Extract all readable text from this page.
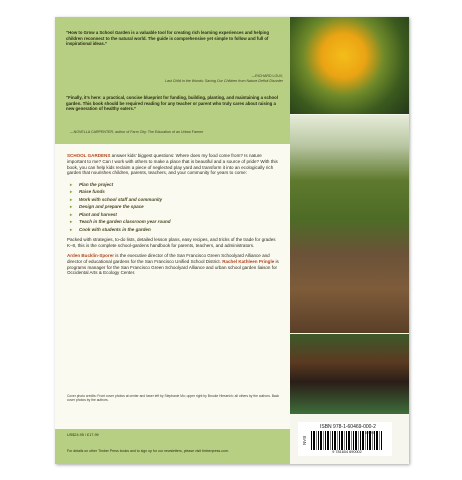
“How to Grow a School Garden is a valuable tool for creating rich learning experiences and helping children reconnect to the natural world. The guide is comprehensive yet simple to follow and full of inspirational ideas.”

—RICHARD LOUV,

Last Child in the Woods: Saving Our Children from Nature-Deficit Disorder

“Finally, it’s here: a practical, concise blueprint for funding, building, planting, and maintaining a school garden. This book should be required reading for any teacher or parent who truly cares about raising a new generation of healthy eaters.”

—NOVELLA CARPENTER, author of Farm City: The Education of an Urban Farmer

SCHOOL GARDENS answer kids’ biggest questions: Where does my food come from? Is nature important to me? Can I work with others to make a place that is beautiful and a source of pride? With this book, you can help kids reclaim a piece of neglected play yard and transform it into an ecologically rich garden that nourishes children, parents, teachers, and your community for years to come:

▸ Plan the project
▸ Raise funds
▸ Work with school staff and community
▸ Design and prepare the space
▸ Plant and harvest
▸ Teach in the garden classroom year round
▸ Cook with students in the garden

Packed with strategies, to-do lists, detailed lesson plans, easy recipes, and tricks of the trade for grades K–8, this is the complete school-gardens handbook for parents, teachers, and administrators.

Arden Bucklin-Sporer is the executive director of the San Francisco Green Schoolyard Alliance and director of educational gardens for the San Francisco Unified School District. Rachel Kathleen Pringle is programs manager for the San Francisco Green Schoolyard Alliance and urban school garden liaison for Occidental Arts & Ecology Center.

Cover photo credits: Front cover photos at center and lower left by Stephanie Mo; upper right by Brooke Hieserich; all others by the authors. Back cover photos by the authors.

US$24.95 / £17.99

For details on other Timber Press books and to sign up for our newsletters, please visit timberpress.com.

ISBN 978-1-60469-000-2

EAN

52495

9 781604 690002
